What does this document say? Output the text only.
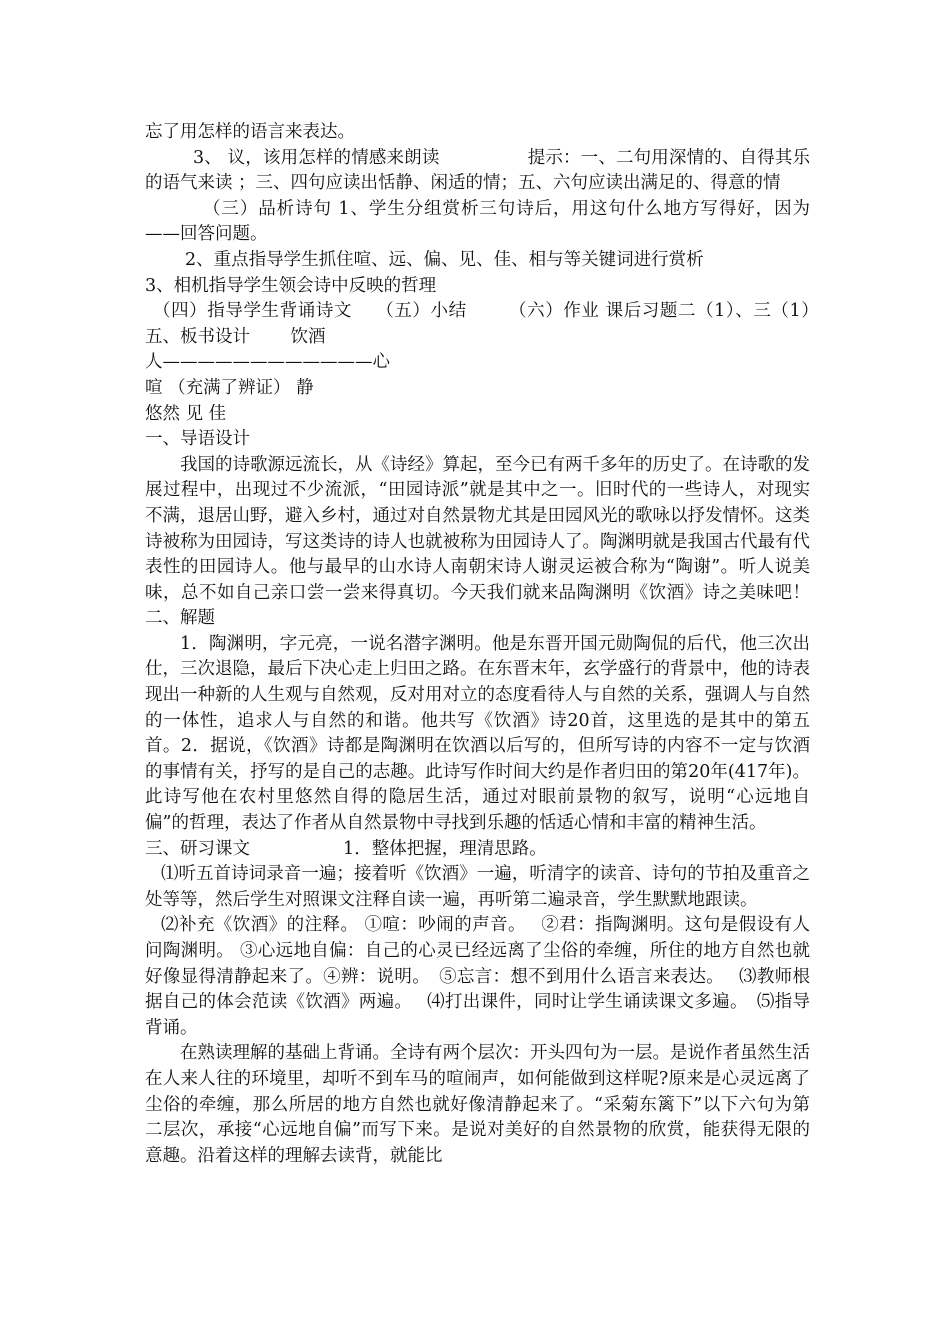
忘了用怎样的语言来表达。

3、 议，该用怎样的情感来朗读　　　　　提示：一、二句用深情的、自得其乐的语气来读 ；三、四句应读出恬静、闲适的情；五、六句应读出满足的、得意的情

（三）品析诗句 1、学生分组赏析三句诗后，用这句什么地方写得好，因为——回答问题。

2、重点指导学生抓住喧、远、偏、见、佳、相与等关键词进行赏析

3、相机指导学生领会诗中反映的哲理

（四）指导学生背诵诗文　 （五）小结　　 （六）作业 课后习题二（1）、三（1）　 五、板书设计　　 饮酒

人————————————心

喧 （充满了辨证） 静

悠然 见 佳

一、导语设计

我国的诗歌源远流长，从《诗经》算起，至今已有两千多年的历史了。在诗歌的发展过程中，出现过不少流派，“田园诗派”就是其中之一。旧时代的一些诗人，对现实不满，退居山野，避入乡村，通过对自然景物尤其是田园风光的歌咏以抒发情怀。这类诗被称为田园诗，写这类诗的诗人也就被称为田园诗人了。陶渊明就是我国古代最有代表性的田园诗人。他与最早的山水诗人南朝宋诗人谢灵运被合称为“陶谢”。听人说美味，总不如自己亲口尝一尝来得真切。今天我们就来品陶渊明《饮酒》诗之美味吧！　　二、解题

1．陶渊明，字元亮，一说名潜字渊明。他是东晋开国元勋陶侃的后代，他三次出仕，三次退隐，最后下决心走上归田之路。在东晋末年，玄学盛行的背景中，他的诗表现出一种新的人生观与自然观，反对用对立的态度看待人与自然的关系，强调人与自然的一体性，追求人与自然的和谐。他共写《饮酒》诗20首，这里选的是其中的第五首。2．据说，《饮酒》诗都是陶渊明在饮酒以后写的，但所写诗的内容不一定与饮酒的事情有关，抒写的是自己的志趣。此诗写作时间大约是作者归田的第20年(417年)。此诗写他在农村里悠然自得的隐居生活，通过对眼前景物的叙写，说明“心远地自偏”的哲理，表达了作者从自然景物中寻找到乐趣的恬适心情和丰富的精神生活。

三、研习课文　　　　　 1．整体把握，理清思路。

⑴听五首诗词录音一遍；接着听《饮酒》一遍，听清字的读音、诗句的节拍及重音之处等等，然后学生对照课文注释自读一遍，再听第二遍录音，学生默默地跟读。

⑵补充《饮酒》的注释。 ①喧：吵闹的声音。　 ②君：指陶渊明。这句是假设有人问陶渊明。 ③心远地自偏：自己的心灵已经远离了尘俗的牵缠，所住的地方自然也就好像显得清静起来了。④辨：说明。　⑤忘言：想不到用什么语言来表达。　 ⑶教师根据自己的体会范读《饮酒》两遍。　 ⑷打出课件，同时让学生诵读课文多遍。　⑸指导背诵。

在熟读理解的基础上背诵。全诗有两个层次：开头四句为一层。是说作者虽然生活在人来人往的环境里，却听不到车马的喧闹声，如何能做到这样呢?原来是心灵远离了尘俗的牵缠，那么所居的地方自然也就好像清静起来了。“采菊东篱下”以下六句为第二层次，承接“心远地自偏”而写下来。是说对美好的自然景物的欣赏，能获得无限的意趣。沿着这样的理解去读背，就能比
